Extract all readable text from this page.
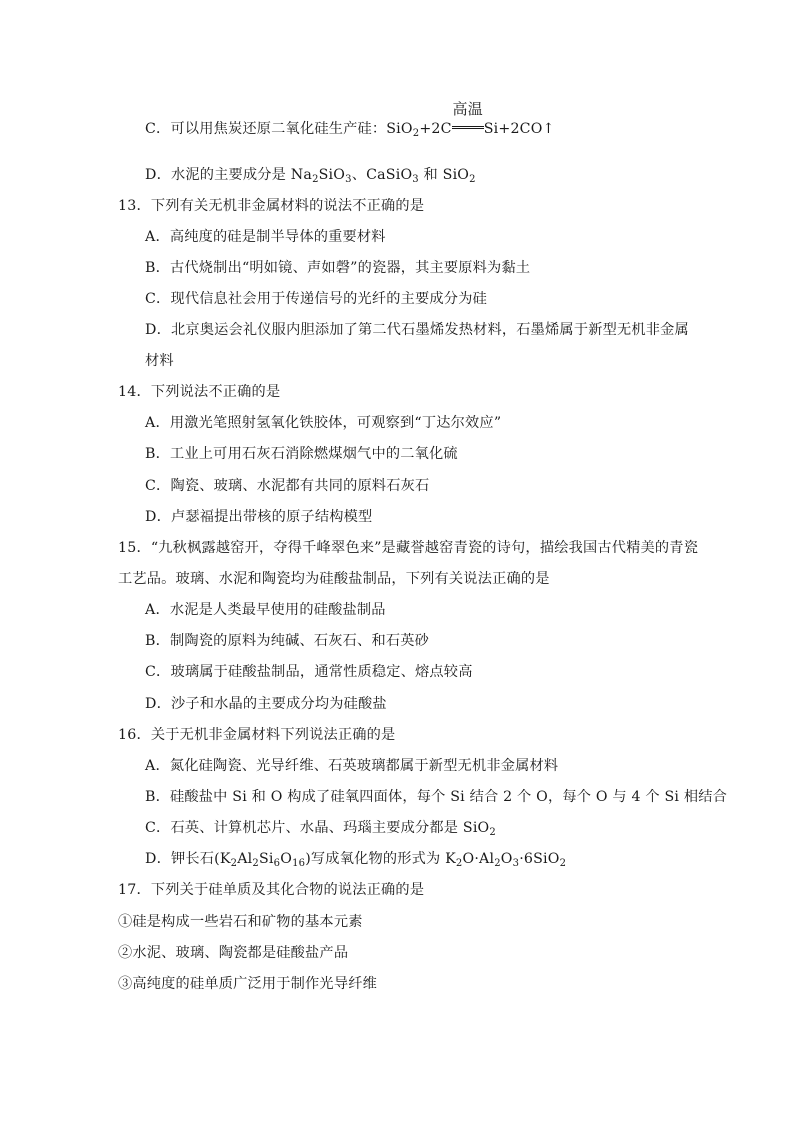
C．可以用焦炭还原二氧化硅生产硅：SiO$_2$+2C
高温
Si+2CO↑
D．水泥的主要成分是 $Na_2SiO_3$、CaSiO$_3$ 和 SiO$_2$
13．下列有关无机非金属材料的说法不正确的是
A．高纯度的硅是制半导体的重要材料
B．古代烧制出“明如镜、声如磬”的瓷器，其主要原料为黏土
C．现代信息社会用于传递信号的光纤的主要成分为硅
D．北京奥运会礼仪服内胆添加了第二代石墨烯发热材料，石墨烯属于新型无机非金属
材料
14．下列说法不正确的是
A．用激光笔照射氢氧化铁胶体，可观察到“丁达尔效应”
B．工业上可用石灰石消除燃煤烟气中的二氧化硫
C．陶瓷、玻璃、水泥都有共同的原料石灰石
D．卢瑟福提出带核的原子结构模型
15．“九秋枫露越窑开，夺得千峰翠色来”是藏誉越窑青瓷的诗句，描绘我国古代精美的青瓷
工艺品。玻璃、水泥和陶瓷均为硅酸盐制品，下列有关说法正确的是
A．水泥是人类最早使用的硅酸盐制品
B．制陶瓷的原料为纯碱、石灰石、和石英砂
C．玻璃属于硅酸盐制品，通常性质稳定、熔点较高
D．沙子和水晶的主要成分均为硅酸盐
16．关于无机非金属材料下列说法正确的是
A．氮化硅陶瓷、光导纤维、石英玻璃都属于新型无机非金属材料
B．硅酸盐中 Si 和 O 构成了硅氧四面体，每个 Si 结合 2 个 O，每个 O 与 4 个 Si 相结合
C．石英、计算机芯片、水晶、玛瑙主要成分都是 SiO$_2$
D．钾长石$(K_2Al_2Si_6O_{16})$写成氧化物的形式为 $K_2O\cdot Al_2O_3\cdot 6SiO_2$
17．下列关于硅单质及其化合物的说法正确的是
①硅是构成一些岩石和矿物的基本元素
②水泥、玻璃、陶瓷都是硅酸盐产品
③高纯度的硅单质广泛用于制作光导纤维
